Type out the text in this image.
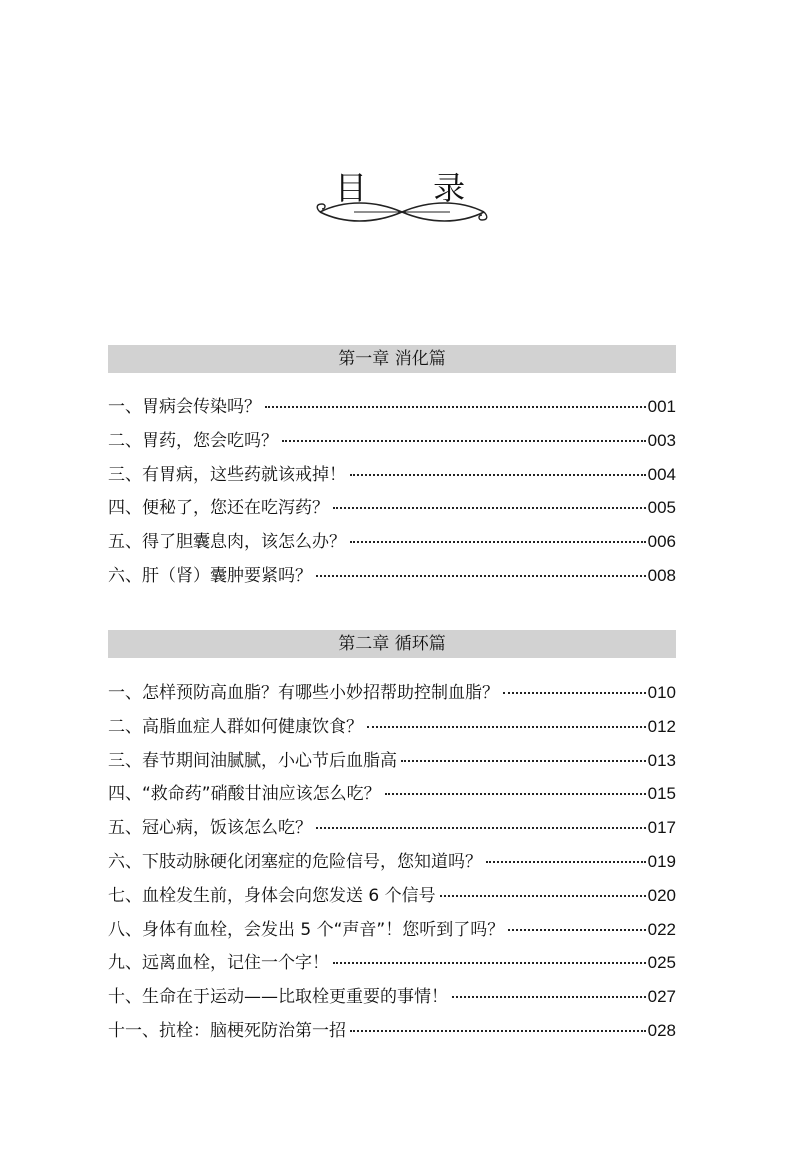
目 录
第一章 消化篇
一、胃病会传染吗？	001
二、胃药，您会吃吗？	003
三、有胃病，这些药就该戒掉！	004
四、便秘了，您还在吃泻药？	005
五、得了胆囊息肉，该怎么办？	006
六、肝（肾）囊肿要紧吗？	008
第二章 循环篇
一、怎样预防高血脂？有哪些小妙招帮助控制血脂？	010
二、高脂血症人群如何健康饮食？	012
三、春节期间油腻腻，小心节后血脂高	013
四、“救命药”硝酸甘油应该怎么吃？	015
五、冠心病，饭该怎么吃？	017
六、下肢动脉硬化闭塞症的危险信号，您知道吗？	019
七、血栓发生前，身体会向您发送 6 个信号	020
八、身体有血栓，会发出 5 个“声音”！您听到了吗？	022
九、远离血栓，记住一个字！	025
十、生命在于运动——比取栓更重要的事情！	027
十一、抗栓：脑梗死防治第一招	028
